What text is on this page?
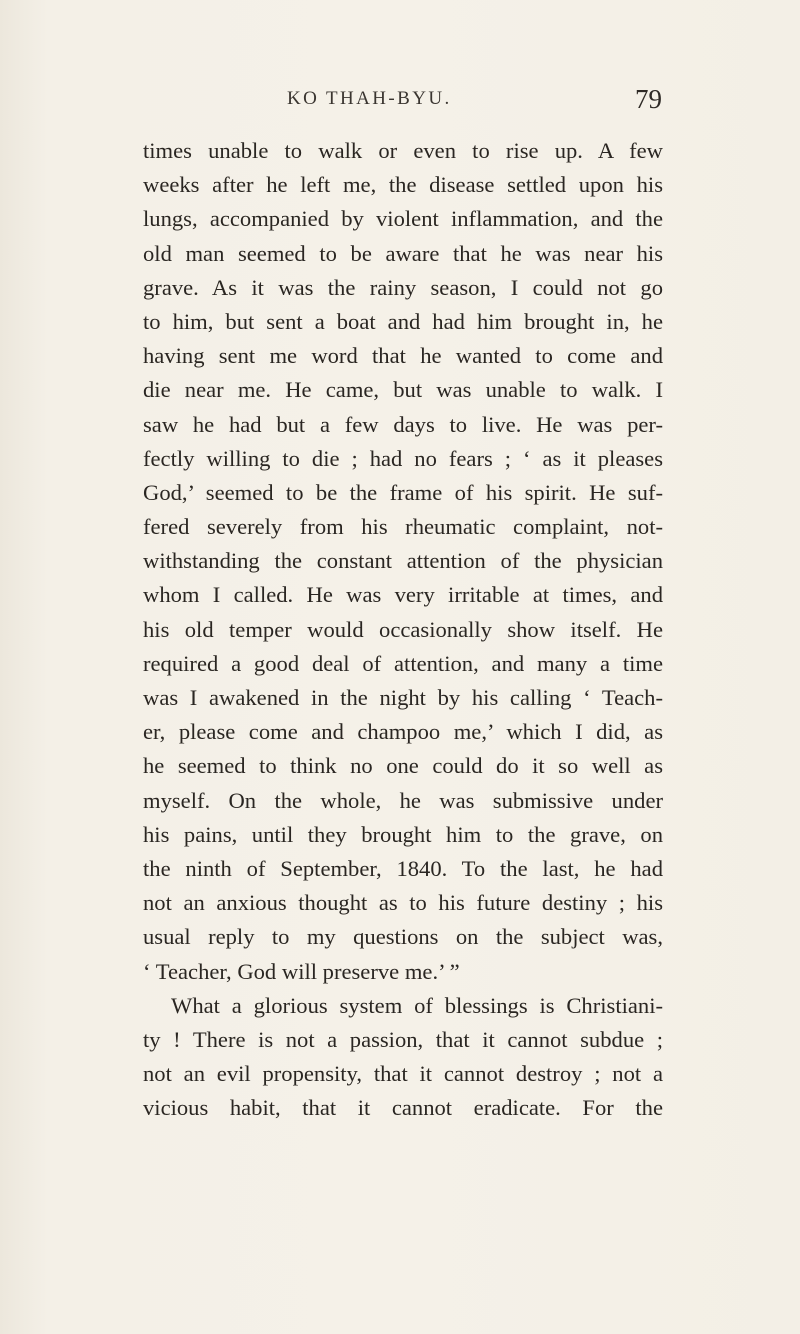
KO THAH-BYU.	79
times unable to walk or even to rise up. A few
weeks after he left me, the disease settled upon his
lungs, accompanied by violent inflammation, and the
old man seemed to be aware that he was near his
grave. As it was the rainy season, I could not go
to him, but sent a boat and had him brought in, he
having sent me word that he wanted to come and
die near me. He came, but was unable to walk. I
saw he had but a few days to live. He was per-
fectly willing to die ; had no fears ; ‘ as it pleases
God,’ seemed to be the frame of his spirit. He suf-
fered severely from his rheumatic complaint, not-
withstanding the constant attention of the physician
whom I called. He was very irritable at times, and
his old temper would occasionally show itself. He
required a good deal of attention, and many a time
was I awakened in the night by his calling ‘ Teach-
er, please come and champoo me,’ which I did, as
he seemed to think no one could do it so well as
myself. On the whole, he was submissive under
his pains, until they brought him to the grave, on
the ninth of September, 1840. To the last, he had
not an anxious thought as to his future destiny ; his
usual reply to my questions on the subject was,
‘ Teacher, God will preserve me.’ ”
What a glorious system of blessings is Christiani-
ty ! There is not a passion, that it cannot subdue ;
not an evil propensity, that it cannot destroy ; not a
vicious habit, that it cannot eradicate. For the
